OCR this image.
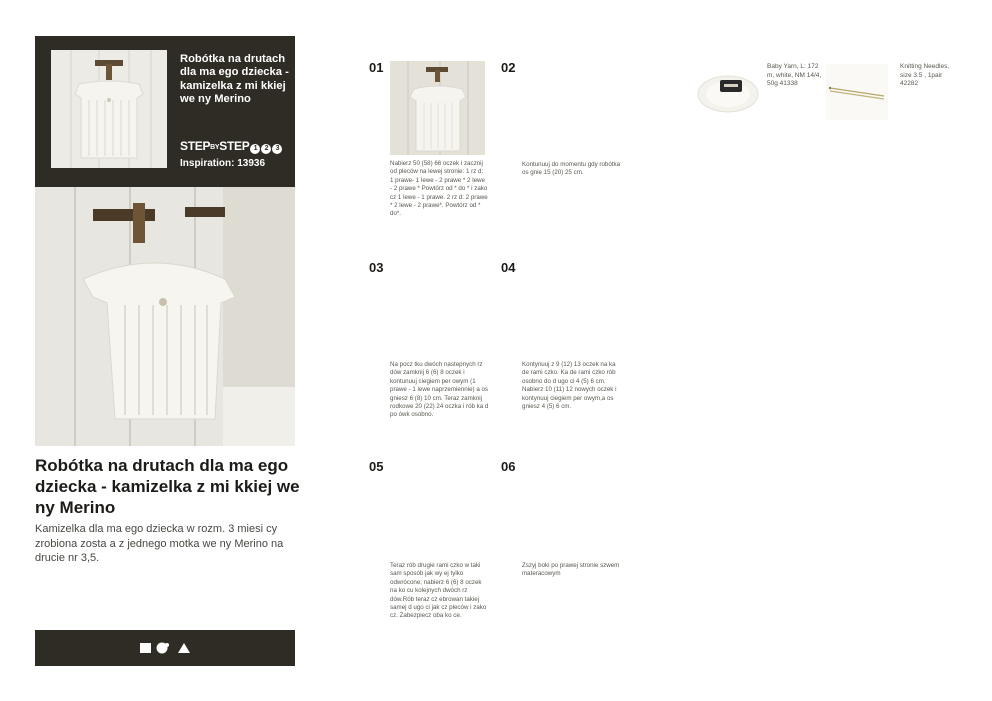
Robótka na drutach dla ma ego dziecka - kamizelka z mi kkiej we ny Merino
STEPBYSTEP 1 2 3
Inspiration: 13936
Robótka na drutach dla ma ego dziecka - kamizelka z mi kkiej we ny Merino
Kamizelka dla ma ego dziecka w rozm. 3 miesi cy zrobiona zosta a z jednego motka we ny Merino na drucie nr 3,5.
01
Nabierz 50 (58) 66 oczek i zacznij od pleców na lewej stronie: 1 rz d: 1 prawe- 1 lewe - 2 prawe * 2 lewe - 2 prawe * Powtórz od * do * i zako cz 1 lewe - 1 prawe. 2 rz d: 2 prawe * 2 lewe - 2 prawe*. Powtórz od * do*.
02
Kontunuuj do momentu gdy robótka os gnie 15 (20) 25 cm.
03
Na pocz tku dwóch nastepnych rz dów zamknij 6 (6) 8 oczek i kontunuuj ciegiem per owym (1 prawe - 1 lewe naprzemiennie) a os gniesz 6 (8) 10 cm. Teraz zamknij rodkowe 20 (22) 24 oczka i rób ka d po ówk osobno.
04
Kontynuuj z 9 (12) 13 oczek na ka de rami czko. Ka de rami czko rób osobno do d ugo ci 4 (5) 6 cm. Nabierz 10 (11) 12 nowych oczek i kontynuuj ciegiem per owym,a os gniesz 4 (5) 6 cm.
05
Teraz rób drugie rami czko w taki sam sposób jak wy ej tylko odwrócone; nabierz 6 (6) 8 oczek na ko cu kolejnych dwóch rz dów.Rób teraz cz ebrowan takiej samej d ugo ci jak cz pleców i zako cz. Zabezpiecz oba ko ce.
06
Zszyj boki po prawej stronie szwem materacowym
Baby Yarn, L: 172 m, white, NM 14/4, 50g 41338
Knitting Needles, size 3.5 , 1pair 42282
